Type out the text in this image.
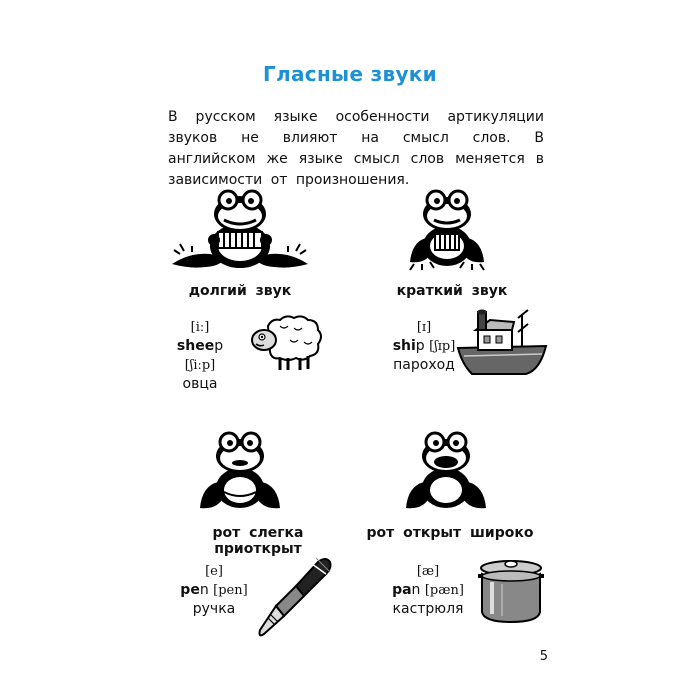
Гласные звуки
В русском языке особенности артикуляции звуков не влияют на смысл слов. В английском же языке смысл слов меняется в зависимости от произношения.
долгий звук	краткий звук
[iː]
sheep [ʃiːp]
овца
[ɪ]
ship [ʃɪp]
пароход
рот слегка приоткрыт
рот открыт широко
[e]
pen [pen]
ручка
[æ]
pan [pæn]
кастрюля
5
